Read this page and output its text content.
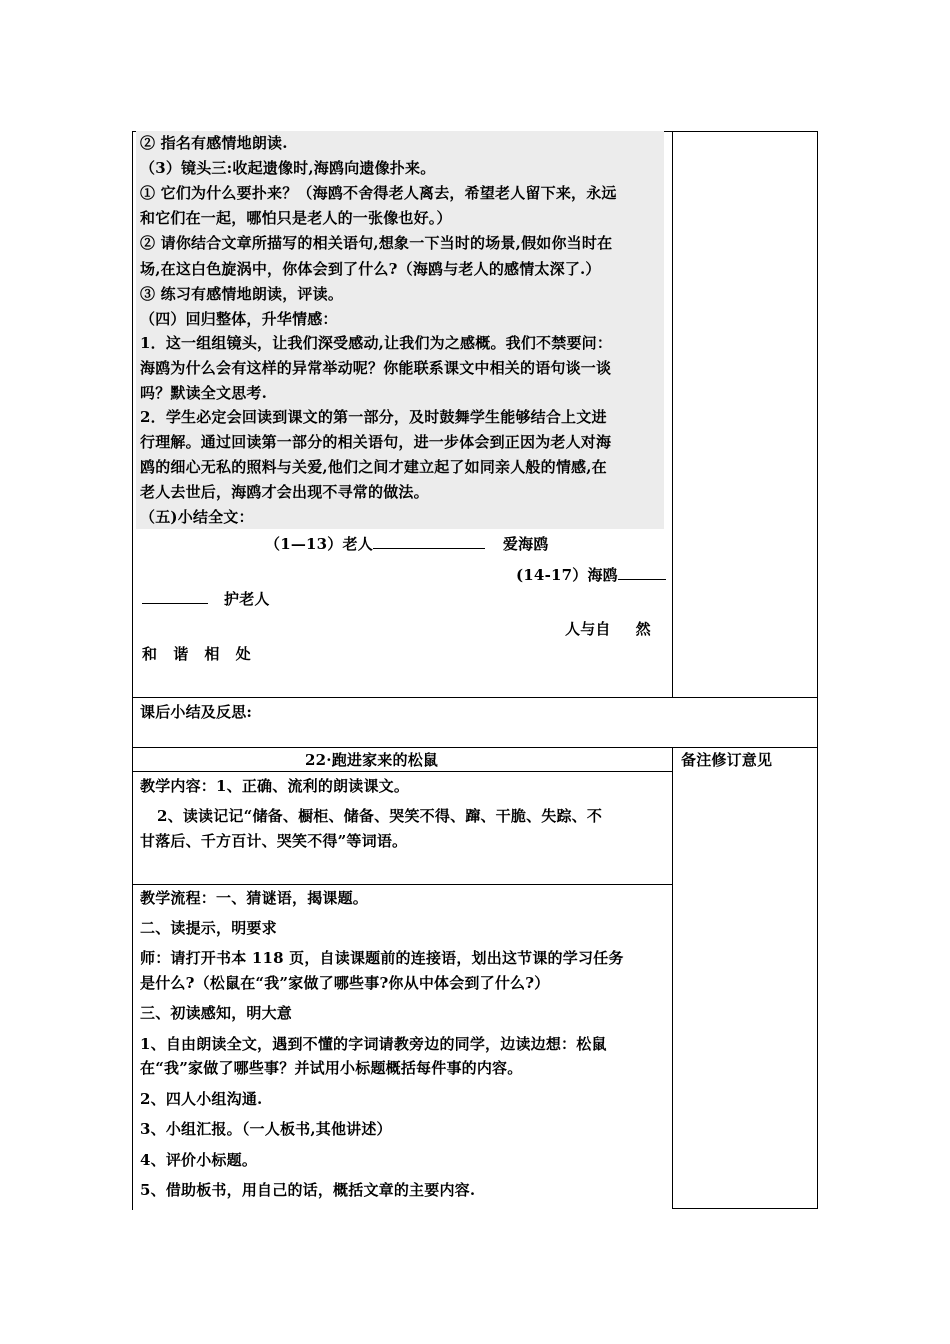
② 指名有感情地朗读.
（3）镜头三:收起遗像时,海鸥向遗像扑来。
① 它们为什么要扑来？（海鸥不舍得老人离去，希望老人留下来，永远
和它们在一起，哪怕只是老人的一张像也好。）
② 请你结合文章所描写的相关语句,想象一下当时的场景,假如你当时在
场,在这白色旋涡中，你体会到了什么?（海鸥与老人的感情太深了.）
③ 练习有感情地朗读，评读。
（四）回归整体，升华情感：
1．这一组组镜头，让我们深受感动,让我们为之感概。我们不禁要问：
海鸥为什么会有这样的异常举动呢？你能联系课文中相关的语句谈一谈
吗？默读全文思考.
2．学生必定会回读到课文的第一部分，及时鼓舞学生能够结合上文进
行理解。通过回读第一部分的相关语句，进一步体会到正因为老人对海
鸥的细心无私的照料与关爱,他们之间才建立起了如同亲人般的情感,在
老人去世后，海鸥才会出现不寻常的做法。
（五)小结全文：
（1—13）老人	爱海鸥
(14-17）海鸥
护老人
人与自 然
和 谐 相 处
课后小结及反思:
22·跑进家来的松鼠	备注修订意见
教学内容：1、正确、流利的朗读课文。
2、读读记记“储备、橱柜、储备、哭笑不得、蹿、干脆、失踪、不
甘落后、千方百计、哭笑不得”等词语。
教学流程：一、猜谜语，揭课题。
二、读提示，明要求
师：请打开书本 118 页，自读课题前的连接语，划出这节课的学习任务
是什么?（松鼠在“我”家做了哪些事?你从中体会到了什么?）
三、初读感知，明大意
1、自由朗读全文，遇到不懂的字词请教旁边的同学，边读边想：松鼠
在“我”家做了哪些事？并试用小标题概括每件事的内容。
2、四人小组沟通.
3、小组汇报。（一人板书,其他讲述）
4、评价小标题。
5、借助板书，用自己的话，概括文章的主要内容.
